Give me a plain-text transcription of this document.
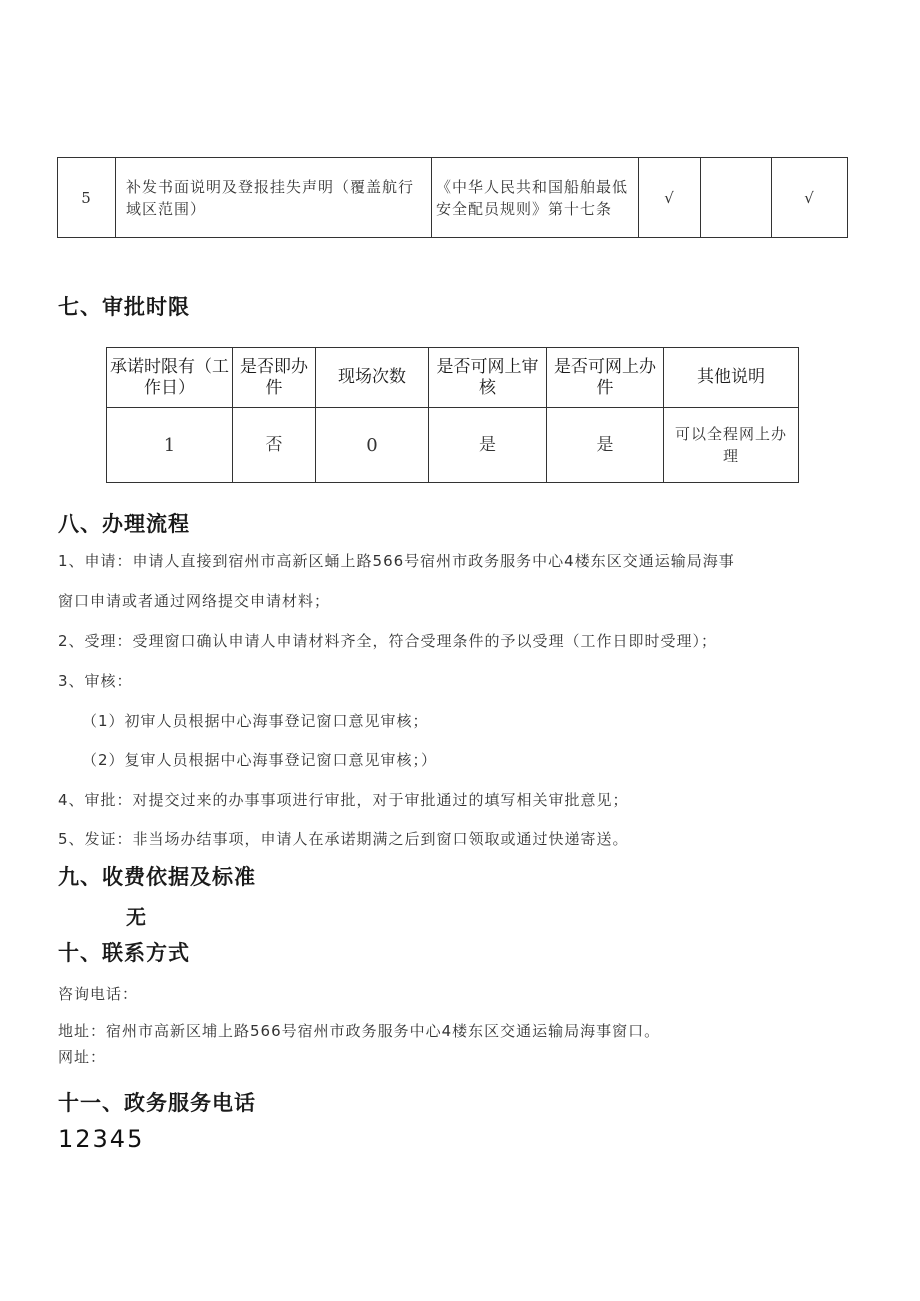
5	补发书面说明及登报挂失声明（覆盖航行域区范围）	《中华人民共和国船舶最低安全配员规则》第十七条	√		√
七、审批时限
承诺时限有（工作日）	是否即办件	现场次数	是否可网上审核	是否可网上办件	其他说明
1	否	0	是	是	可以全程网上办理
八、办理流程
1、申请：申请人直接到宿州市高新区蛹上路566号宿州市政务服务中心4楼东区交通运输局海事
窗口申请或者通过网络提交申请材料；
2、受理：受理窗口确认申请人申请材料齐全，符合受理条件的予以受理（工作日即时受理）；
3、审核：
（1）初审人员根据中心海事登记窗口意见审核；
（2）复审人员根据中心海事登记窗口意见审核；）
4、审批：对提交过来的办事事项进行审批，对于审批通过的填写相关审批意见；
5、发证：非当场办结事项，申请人在承诺期满之后到窗口领取或通过快递寄送。
九、收费依据及标准
无
十、联系方式
咨询电话：
地址：宿州市高新区埔上路566号宿州市政务服务中心4楼东区交通运输局海事窗口。
网址：
十一、政务服务电话
12345
